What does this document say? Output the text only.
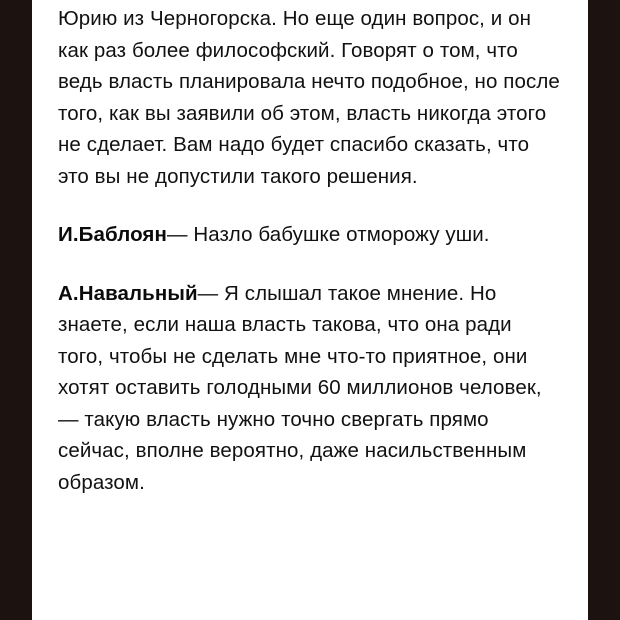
Юрию из Черногорска. Но еще один вопрос, и он как раз более философский. Говорят о том, что ведь власть планировала нечто подобное, но после того, как вы заявили об этом, власть никогда этого не сделает. Вам надо будет спасибо сказать, что это вы не допустили такого решения.

И.Баблоян— Назло бабушке отморожу уши.

А.Навальный— Я слышал такое мнение. Но знаете, если наша власть такова, что она ради того, чтобы не сделать мне что-то приятное, они хотят оставить голодными 60 миллионов человек, — такую власть нужно точно свергать прямо сейчас, вполне вероятно, даже насильственным образом.
